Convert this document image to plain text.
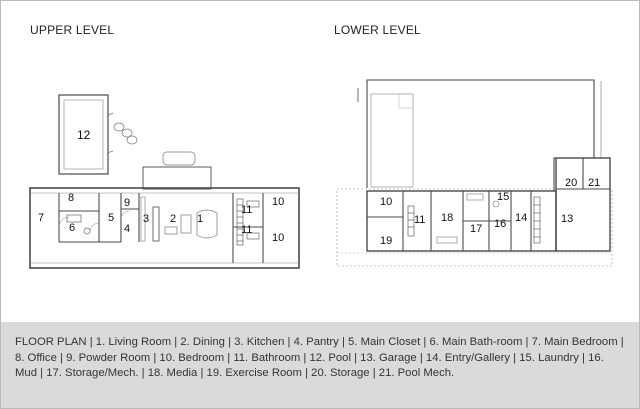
UPPER LEVEL	LOWER LEVEL
12
8
7
6
9
4
5	3 2 1
11
11
10
10
20 21
15
10
11 18	16 14	13
17
19
FLOOR PLAN | 1. Living Room | 2. Dining | 3. Kitchen | 4. Pantry | 5. Main Closet | 6. Main Bath-room | 7. Main Bedroom | 8. Office | 9. Powder Room | 10. Bedroom | 11. Bathroom | 12. Pool | 13. Garage | 14. Entry/Gallery | 15. Laundry | 16. Mud | 17. Storage/Mech. | 18. Media | 19. Exercise Room | 20. Storage | 21. Pool Mech.
